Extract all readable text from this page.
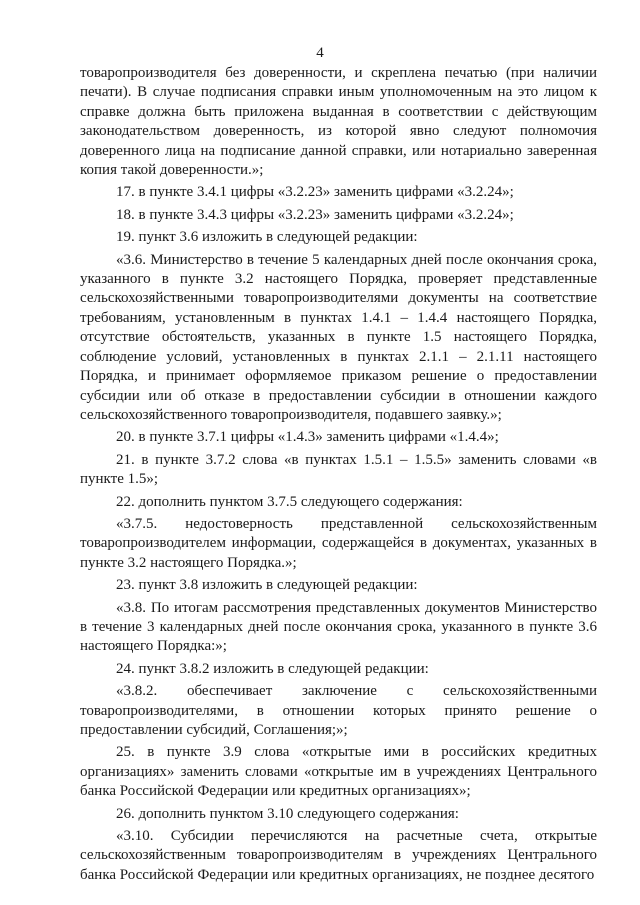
4

товаропроизводителя без доверенности, и скреплена печатью (при наличии печати). В случае подписания справки иным уполномоченным на это лицом к справке должна быть приложена выданная в соответствии с действующим законодательством доверенность, из которой явно следуют полномочия доверенного лица на подписание данной справки, или нотариально заверенная копия такой доверенности.»;

17. в пункте 3.4.1 цифры «3.2.23» заменить цифрами «3.2.24»;

18. в пункте 3.4.3 цифры «3.2.23» заменить цифрами «3.2.24»;

19. пункт 3.6 изложить в следующей редакции:

«3.6. Министерство в течение 5 календарных дней после окончания срока, указанного в пункте 3.2 настоящего Порядка, проверяет представленные сельскохозяйственными товаропроизводителями документы на соответствие требованиям, установленным в пунктах 1.4.1 – 1.4.4 настоящего Порядка, отсутствие обстоятельств, указанных в пункте 1.5 настоящего Порядка, соблюдение условий, установленных в пунктах 2.1.1 – 2.1.11 настоящего Порядка, и принимает оформляемое приказом решение о предоставлении субсидии или об отказе в предоставлении субсидии в отношении каждого сельскохозяйственного товаропроизводителя, подавшего заявку.»;

20. в пункте 3.7.1 цифры «1.4.3» заменить цифрами «1.4.4»;

21. в пункте 3.7.2 слова «в пунктах 1.5.1 – 1.5.5» заменить словами «в пункте 1.5»;

22. дополнить пунктом 3.7.5 следующего содержания:

«3.7.5. недостоверность представленной сельскохозяйственным товаропроизводителем информации, содержащейся в документах, указанных в пункте 3.2 настоящего Порядка.»;

23. пункт 3.8 изложить в следующей редакции:

«3.8. По итогам рассмотрения представленных документов Министерство в течение 3 календарных дней после окончания срока, указанного в пункте 3.6 настоящего Порядка:»;

24. пункт 3.8.2 изложить в следующей редакции:

«3.8.2. обеспечивает заключение с сельскохозяйственными товаропроизводителями, в отношении которых принято решение о предоставлении субсидий, Соглашения;»;

25. в пункте 3.9 слова «открытые ими в российских кредитных организациях» заменить словами «открытые им в учреждениях Центрального банка Российской Федерации или кредитных организациях»;

26. дополнить пунктом 3.10 следующего содержания:

«3.10. Субсидии перечисляются на расчетные счета, открытые сельскохозяйственным товаропроизводителям в учреждениях Центрального банка Российской Федерации или кредитных организациях, не позднее десятого
